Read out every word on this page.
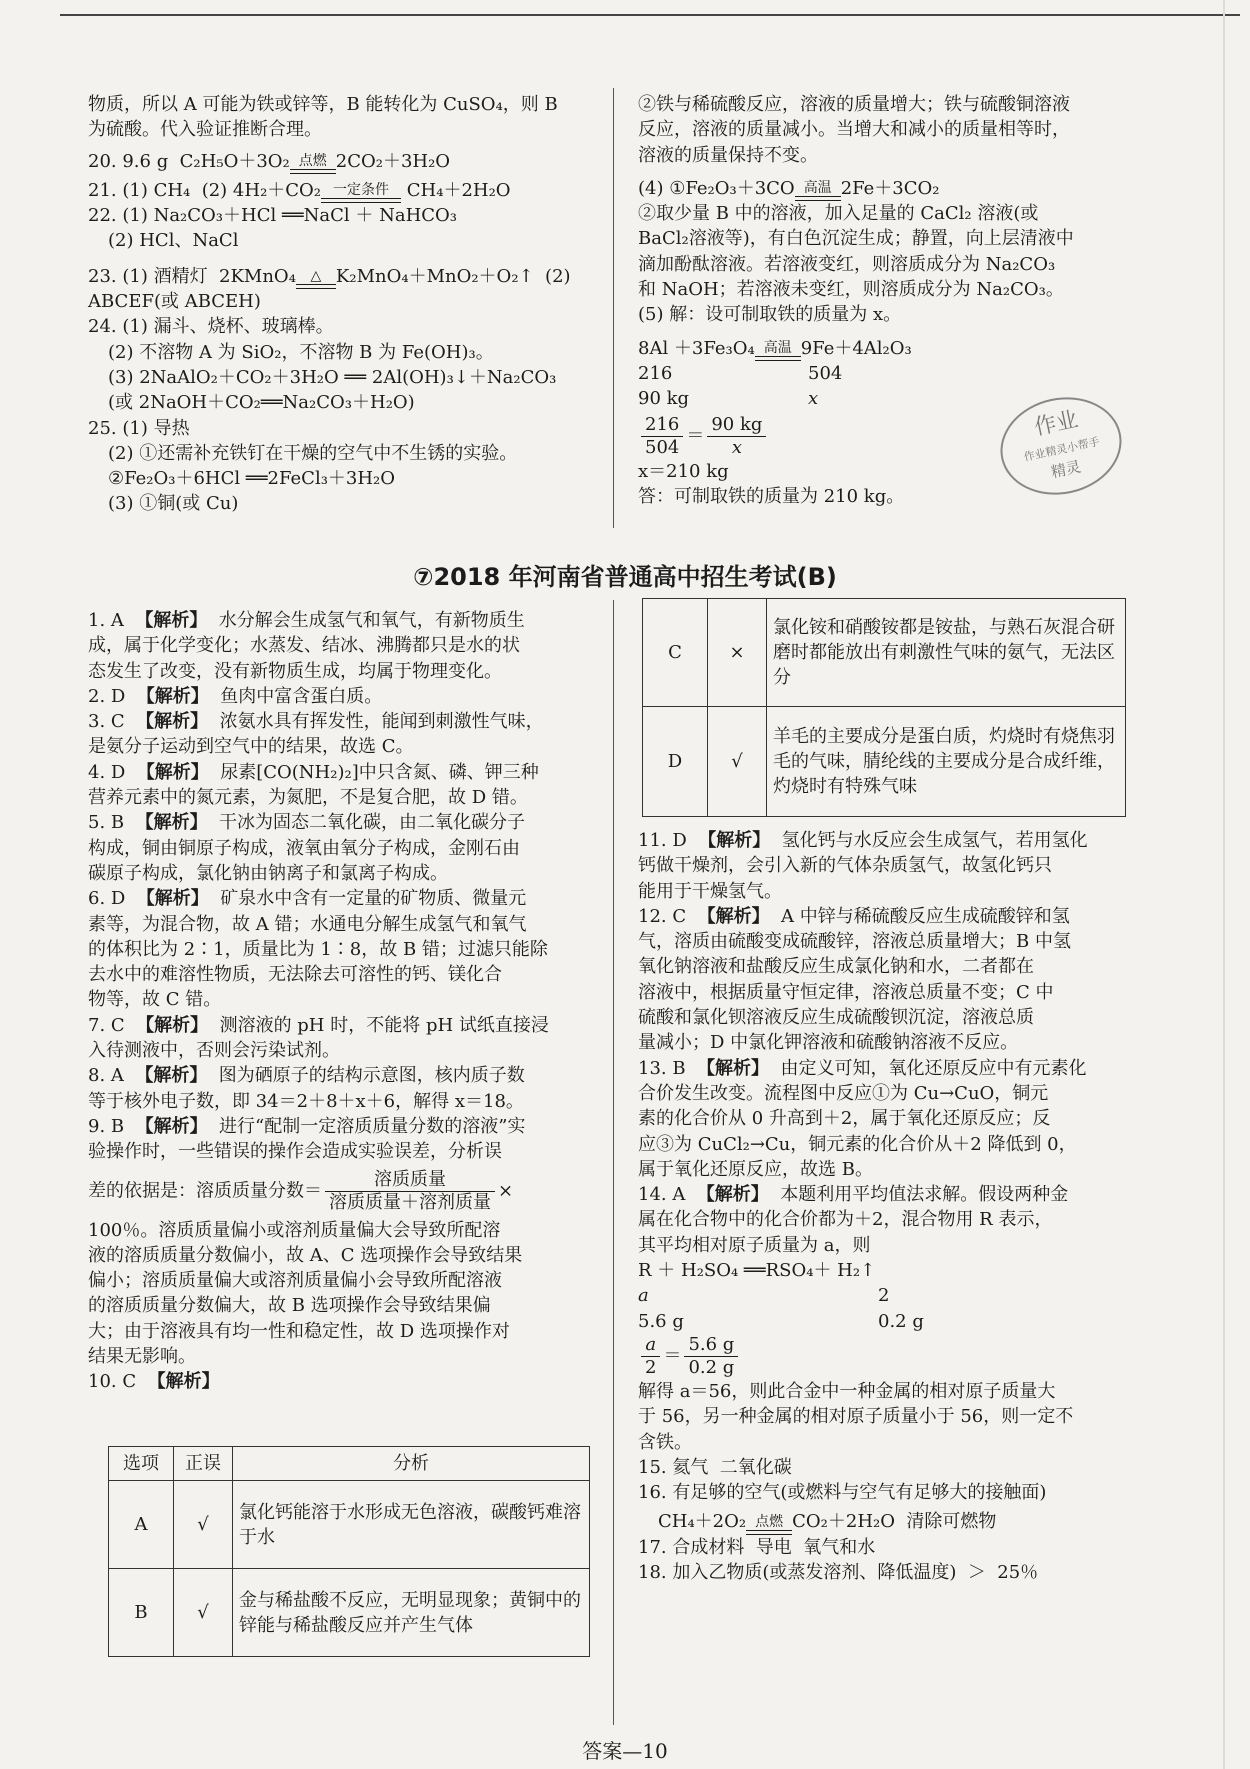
物质，所以 A 可能为铁或锌等，B 能转化为 CuSO₄，则 B

为硫酸。代入验证推断合理。

20. 9.6 g  C₂H₅O＋3O₂ 点燃 2CO₂＋3H₂O

21. (1) CH₄  (2) 4H₂＋CO₂ 一定条件 CH₄＋2H₂O

22. (1) Na₂CO₃＋HCl ══NaCl ＋ NaHCO₃

(2) HCl、NaCl

23. (1) 酒精灯  2KMnO₄	△ K₂MnO₄＋MnO₂＋O₂↑  (2)

ABCEF(或 ABCEH)

24. (1) 漏斗、烧杯、玻璃棒。

(2) 不溶物 A 为 SiO₂，不溶物 B 为 Fe(OH)₃。

(3) 2NaAlO₂＋CO₂＋3H₂O ══ 2Al(OH)₃↓＋Na₂CO₃

(或 2NaOH＋CO₂══Na₂CO₃＋H₂O)

25. (1) 导热

(2) ①还需补充铁钉在干燥的空气中不生锈的实验。

②Fe₂O₃＋6HCl ══2FeCl₃＋3H₂O

(3) ①铜(或 Cu)

②铁与稀硫酸反应，溶液的质量增大；铁与硫酸铜溶液

反应，溶液的质量减小。当增大和减小的质量相等时，

溶液的质量保持不变。

(4) ①Fe₂O₃＋3CO 高温 2Fe＋3CO₂

②取少量 B 中的溶液，加入足量的 CaCl₂ 溶液(或

BaCl₂溶液等)，有白色沉淀生成；静置，向上层清液中

滴加酚酞溶液。若溶液变红，则溶质成分为 Na₂CO₃

和 NaOH；若溶液未变红，则溶质成分为 Na₂CO₃。

(5) 解：设可制取铁的质量为 x。

8Al ＋3Fe₃O₄ 高温 9Fe＋4Al₂O₃

216	504

90 kg	x

$\frac{216}{504} = \frac{90 kg}{x}$

x＝210 kg

答：可制取铁的质量为 210 kg。

作业
作业精灵小帮手
精灵
⑦2018 年河南省普通高中招生考试(B)

1. A  【解析】  水分解会生成氢气和氧气，有新物质生

成，属于化学变化；水蒸发、结冰、沸腾都只是水的状

态发生了改变，没有新物质生成，均属于物理变化。

2. D  【解析】  鱼肉中富含蛋白质。

3. C  【解析】  浓氨水具有挥发性，能闻到刺激性气味，

是氨分子运动到空气中的结果，故选 C。

4. D  【解析】  尿素[CO(NH₂)₂]中只含氮、磷、钾三种

营养元素中的氮元素，为氮肥，不是复合肥，故 D 错。

5. B  【解析】  干冰为固态二氧化碳，由二氧化碳分子

构成，铜由铜原子构成，液氧由氧分子构成，金刚石由

碳原子构成，氯化钠由钠离子和氯离子构成。

6. D  【解析】  矿泉水中含有一定量的矿物质、微量元

素等，为混合物，故 A 错；水通电分解生成氢气和氧气

的体积比为 2∶1，质量比为 1∶8，故 B 错；过滤只能除

去水中的难溶性物质，无法除去可溶性的钙、镁化合

物等，故 C 错。

7. C  【解析】  测溶液的 pH 时，不能将 pH 试纸直接浸

入待测液中，否则会污染试剂。

8. A  【解析】  图为硒原子的结构示意图，核内质子数

等于核外电子数，即 34＝2＋8＋x＋6，解得 x＝18。

9. B  【解析】  进行“配制一定溶质质量分数的溶液”实

验操作时，一些错误的操作会造成实验误差，分析误

差的依据是：溶质质量分数＝ $\frac{\text{溶质质量}}{\text{溶质质量＋溶剂质量}}$ ×

100％。溶质质量偏小或溶剂质量偏大会导致所配溶

液的溶质质量分数偏小，故 A、C 选项操作会导致结果

偏小；溶质质量偏大或溶剂质量偏小会导致所配溶液

的溶质质量分数偏大，故 B 选项操作会导致结果偏

大；由于溶液具有均一性和稳定性，故 D 选项操作对

结果无影响。

10. C  【解析】

选项	正误	分析
A	√	氯化钙能溶于水形成无色溶液，碳酸钙难溶于水
B	√	金与稀盐酸不反应，无明显现象；黄铜中的锌能与稀盐酸反应并产生气体
C	×	氯化铵和硝酸铵都是铵盐，与熟石灰混合研磨时都能放出有刺激性气味的氨气，无法区分
D	√	羊毛的主要成分是蛋白质，灼烧时有烧焦羽毛的气味，腈纶线的主要成分是合成纤维，灼烧时有特殊气味

11. D  【解析】  氢化钙与水反应会生成氢气，若用氢化

钙做干燥剂，会引入新的气体杂质氢气，故氢化钙只

能用于干燥氢气。

12. C  【解析】  A 中锌与稀硫酸反应生成硫酸锌和氢

气，溶质由硫酸变成硫酸锌，溶液总质量增大；B 中氢

氧化钠溶液和盐酸反应生成氯化钠和水，二者都在

溶液中，根据质量守恒定律，溶液总质量不变；C 中

硫酸和氯化钡溶液反应生成硫酸钡沉淀，溶液总质

量减小；D 中氯化钾溶液和硫酸钠溶液不反应。

13. B  【解析】  由定义可知，氧化还原反应中有元素化

合价发生改变。流程图中反应①为 Cu→CuO，铜元

素的化合价从 0 升高到＋2，属于氧化还原反应；反

应③为 CuCl₂→Cu，铜元素的化合价从＋2 降低到 0，

属于氧化还原反应，故选 B。

14. A  【解析】  本题利用平均值法求解。假设两种金

属在化合物中的化合价都为＋2，混合物用 R 表示，

其平均相对原子质量为 a，则

R ＋ H₂SO₄ ══RSO₄＋ H₂↑

a	2

5.6 g	0.2 g

$\frac{a}{2} = \frac{5.6 g}{0.2 g}$

解得 a＝56，则此合金中一种金属的相对原子质量大

于 56，另一种金属的相对原子质量小于 56，则一定不

含铁。

15. 氦气  二氧化碳

16. 有足够的空气(或燃料与空气有足够大的接触面)

CH₄＋2O₂ 点燃 CO₂＋2H₂O  清除可燃物

17. 合成材料  导电  氧气和水

18. 加入乙物质(或蒸发溶剂、降低温度)  ＞  25％

答案—10
